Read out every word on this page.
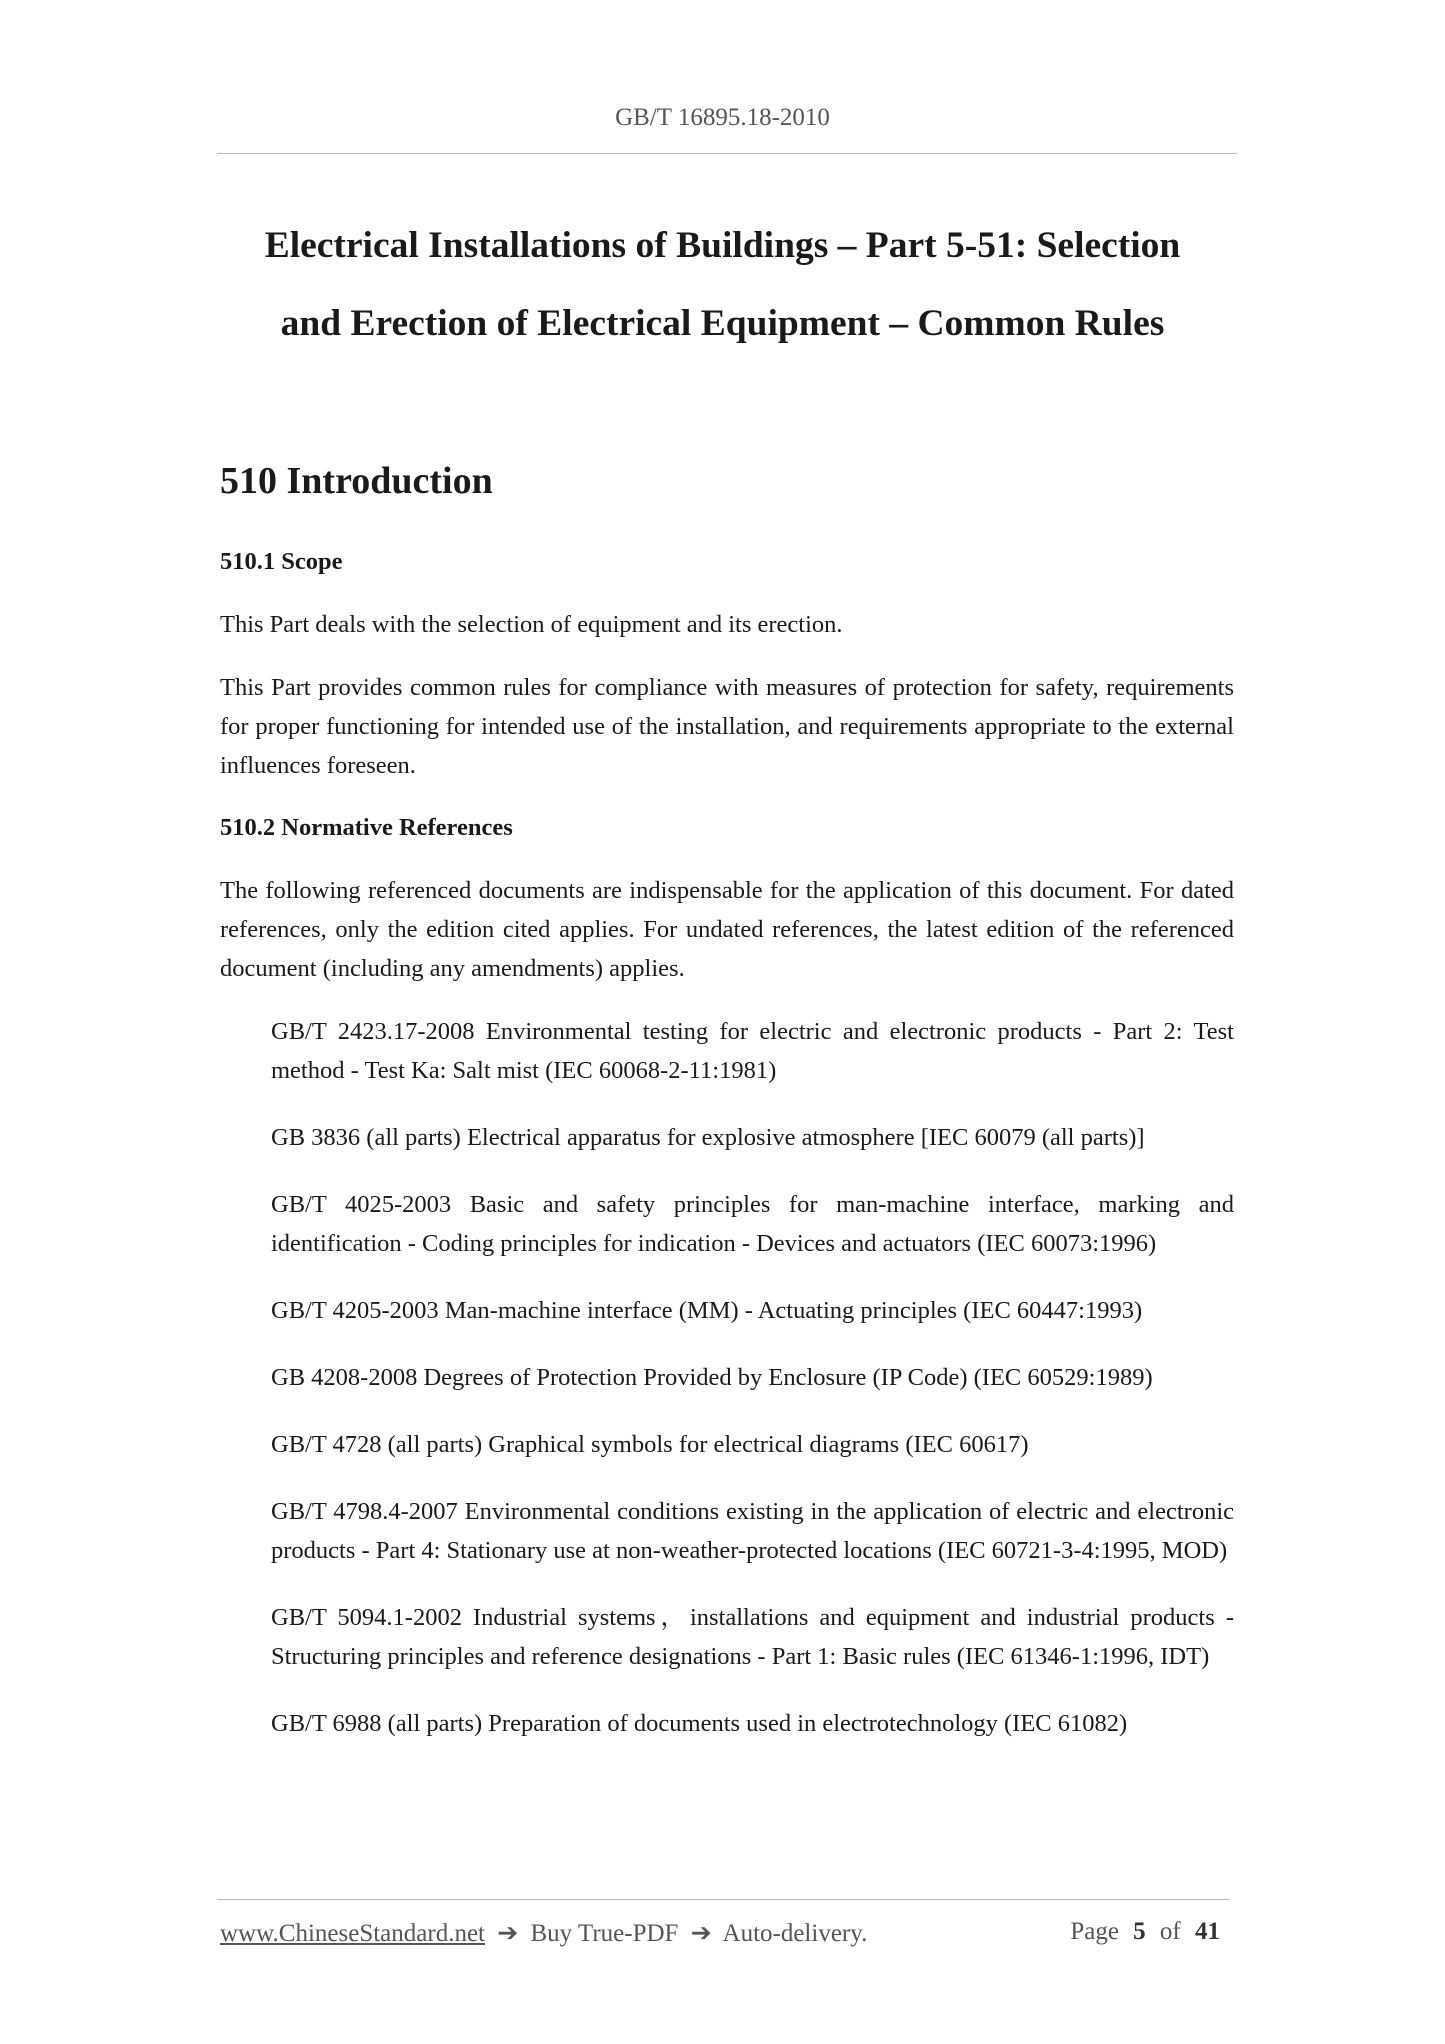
GB/T 16895.18-2010
Electrical Installations of Buildings – Part 5-51: Selection
and Erection of Electrical Equipment – Common Rules
510 Introduction
510.1 Scope

This Part deals with the selection of equipment and its erection.

This Part provides common rules for compliance with measures of protection for safety, requirements for proper functioning for intended use of the installation, and requirements appropriate to the external influences foreseen.

510.2 Normative References

The following referenced documents are indispensable for the application of this document. For dated references, only the edition cited applies. For undated references, the latest edition of the referenced document (including any amendments) applies.

GB/T 2423.17-2008 Environmental testing for electric and electronic products - Part 2: Test method - Test Ka: Salt mist (IEC 60068-2-11:1981)

GB 3836 (all parts) Electrical apparatus for explosive atmosphere [IEC 60079 (all parts)]

GB/T 4025-2003 Basic and safety principles for man-machine interface, marking and identification - Coding principles for indication - Devices and actuators (IEC 60073:1996)

GB/T 4205-2003 Man-machine interface (MM) - Actuating principles (IEC 60447:1993)

GB 4208-2008 Degrees of Protection Provided by Enclosure (IP Code) (IEC 60529:1989)

GB/T 4728 (all parts) Graphical symbols for electrical diagrams (IEC 60617)

GB/T 4798.4-2007 Environmental conditions existing in the application of electric and electronic products - Part 4: Stationary use at non-weather-protected locations (IEC 60721-3-4:1995, MOD)

GB/T 5094.1-2002 Industrial systems，installations and equipment and industrial products -Structuring principles and reference designations - Part 1: Basic rules (IEC 61346-1:1996, IDT)

GB/T 6988 (all parts) Preparation of documents used in electrotechnology (IEC 61082)

www.ChineseStandard.net ➔ Buy True-PDF ➔ Auto-delivery.	Page 5 of 41
